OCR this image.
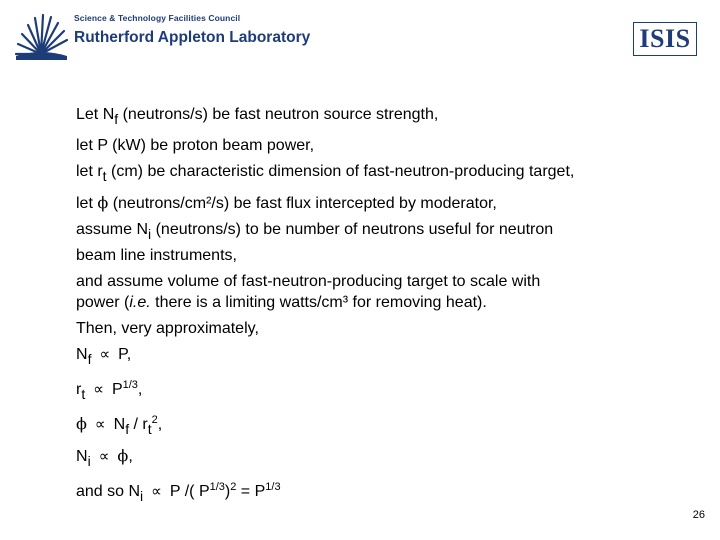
Science & Technology Facilities Council
Rutherford Appleton Laboratory	ISIS
Let Nf (neutrons/s) be fast neutron source strength,
let P (kW) be proton beam power,
let rt (cm) be characteristic dimension of fast-neutron-producing target,
let ϕ (neutrons/cm²/s) be fast flux intercepted by moderator,
assume Ni (neutrons/s) to be number of neutrons useful for neutron
beam line instruments,
and assume volume of fast-neutron-producing target to scale with
power (i.e. there is a limiting watts/cm³ for removing heat).
Then, very approximately,
Nf ∝ P,
rt ∝ $P^{1/3}$,
$\phi \propto Nf / rt^2$,
Ni ∝ ϕ,
and so Ni ∝ P /( $P^{1/3})^2 = P^{1/3}$
26
